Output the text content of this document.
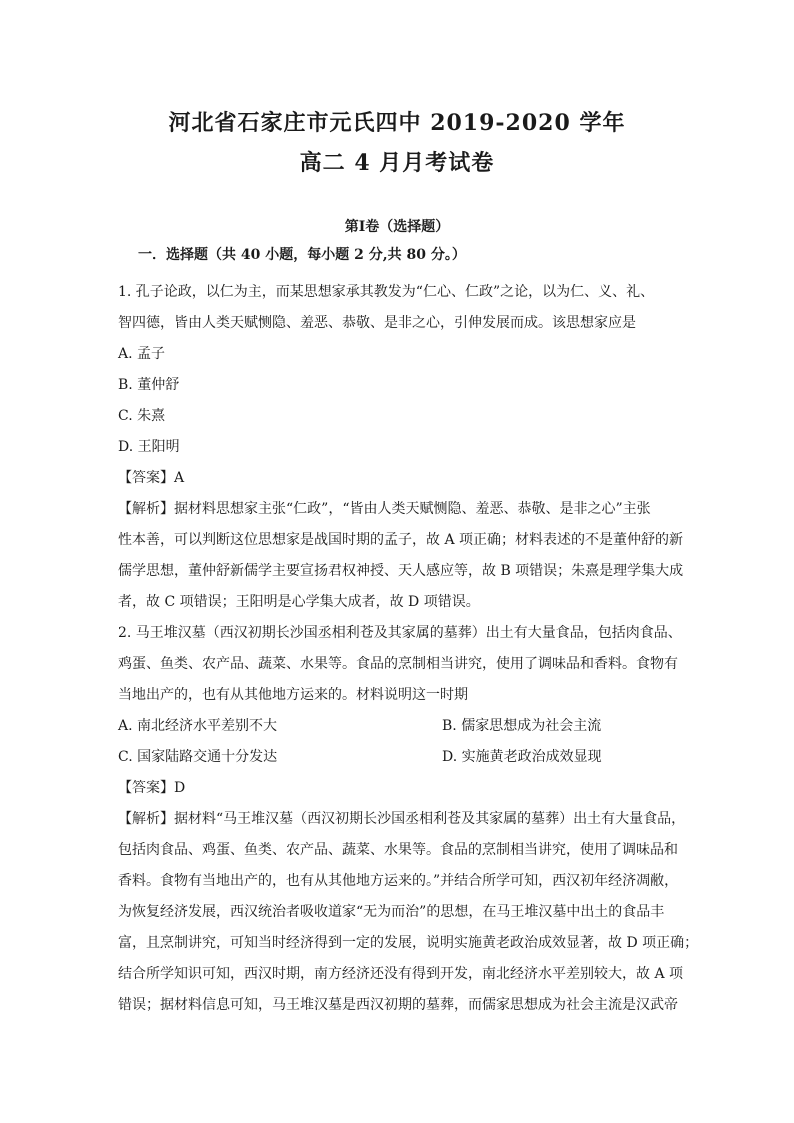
河北省石家庄市元氏四中 2019-2020 学年
高二 4 月月考试卷
第Ⅰ卷（选择题）
一．选择题（共 40 小题，每小题 2 分,共 80 分。）
1. 孔子论政，以仁为主，而某思想家承其教发为“仁心、仁政”之论，以为仁、义、礼、
智四德，皆由人类天赋恻隐、羞恶、恭敬、是非之心，引伸发展而成。该思想家应是
A. 孟子
B. 董仲舒
C. 朱熹
D. 王阳明
【答案】A
【解析】据材料思想家主张“仁政”，“皆由人类天赋恻隐、羞恶、恭敬、是非之心”主张
性本善，可以判断这位思想家是战国时期的孟子，故 A 项正确；材料表述的不是董仲舒的新
儒学思想，董仲舒新儒学主要宣扬君权神授、天人感应等，故 B 项错误；朱熹是理学集大成
者，故 C 项错误；王阳明是心学集大成者，故 D 项错误。
2. 马王堆汉墓（西汉初期长沙国丞相利苍及其家属的墓葬）出土有大量食品，包括肉食品、
鸡蛋、鱼类、农产品、蔬菜、水果等。食品的烹制相当讲究，使用了调味品和香料。食物有
当地出产的，也有从其他地方运来的。材料说明这一时期
A. 南北经济水平差别不大	B. 儒家思想成为社会主流
C. 国家陆路交通十分发达	D. 实施黄老政治成效显现
【答案】D
【解析】据材料“马王堆汉墓（西汉初期长沙国丞相利苍及其家属的墓葬）出土有大量食品，
包括肉食品、鸡蛋、鱼类、农产品、蔬菜、水果等。食品的烹制相当讲究，使用了调味品和
香料。食物有当地出产的，也有从其他地方运来的。”并结合所学可知，西汉初年经济凋敝，
为恢复经济发展，西汉统治者吸收道家“无为而治”的思想，在马王堆汉墓中出土的食品丰
富，且烹制讲究，可知当时经济得到一定的发展，说明实施黄老政治成效显著，故 D 项正确；
结合所学知识可知，西汉时期，南方经济还没有得到开发，南北经济水平差别较大，故 A 项
错误；据材料信息可知，马王堆汉墓是西汉初期的墓葬，而儒家思想成为社会主流是汉武帝
